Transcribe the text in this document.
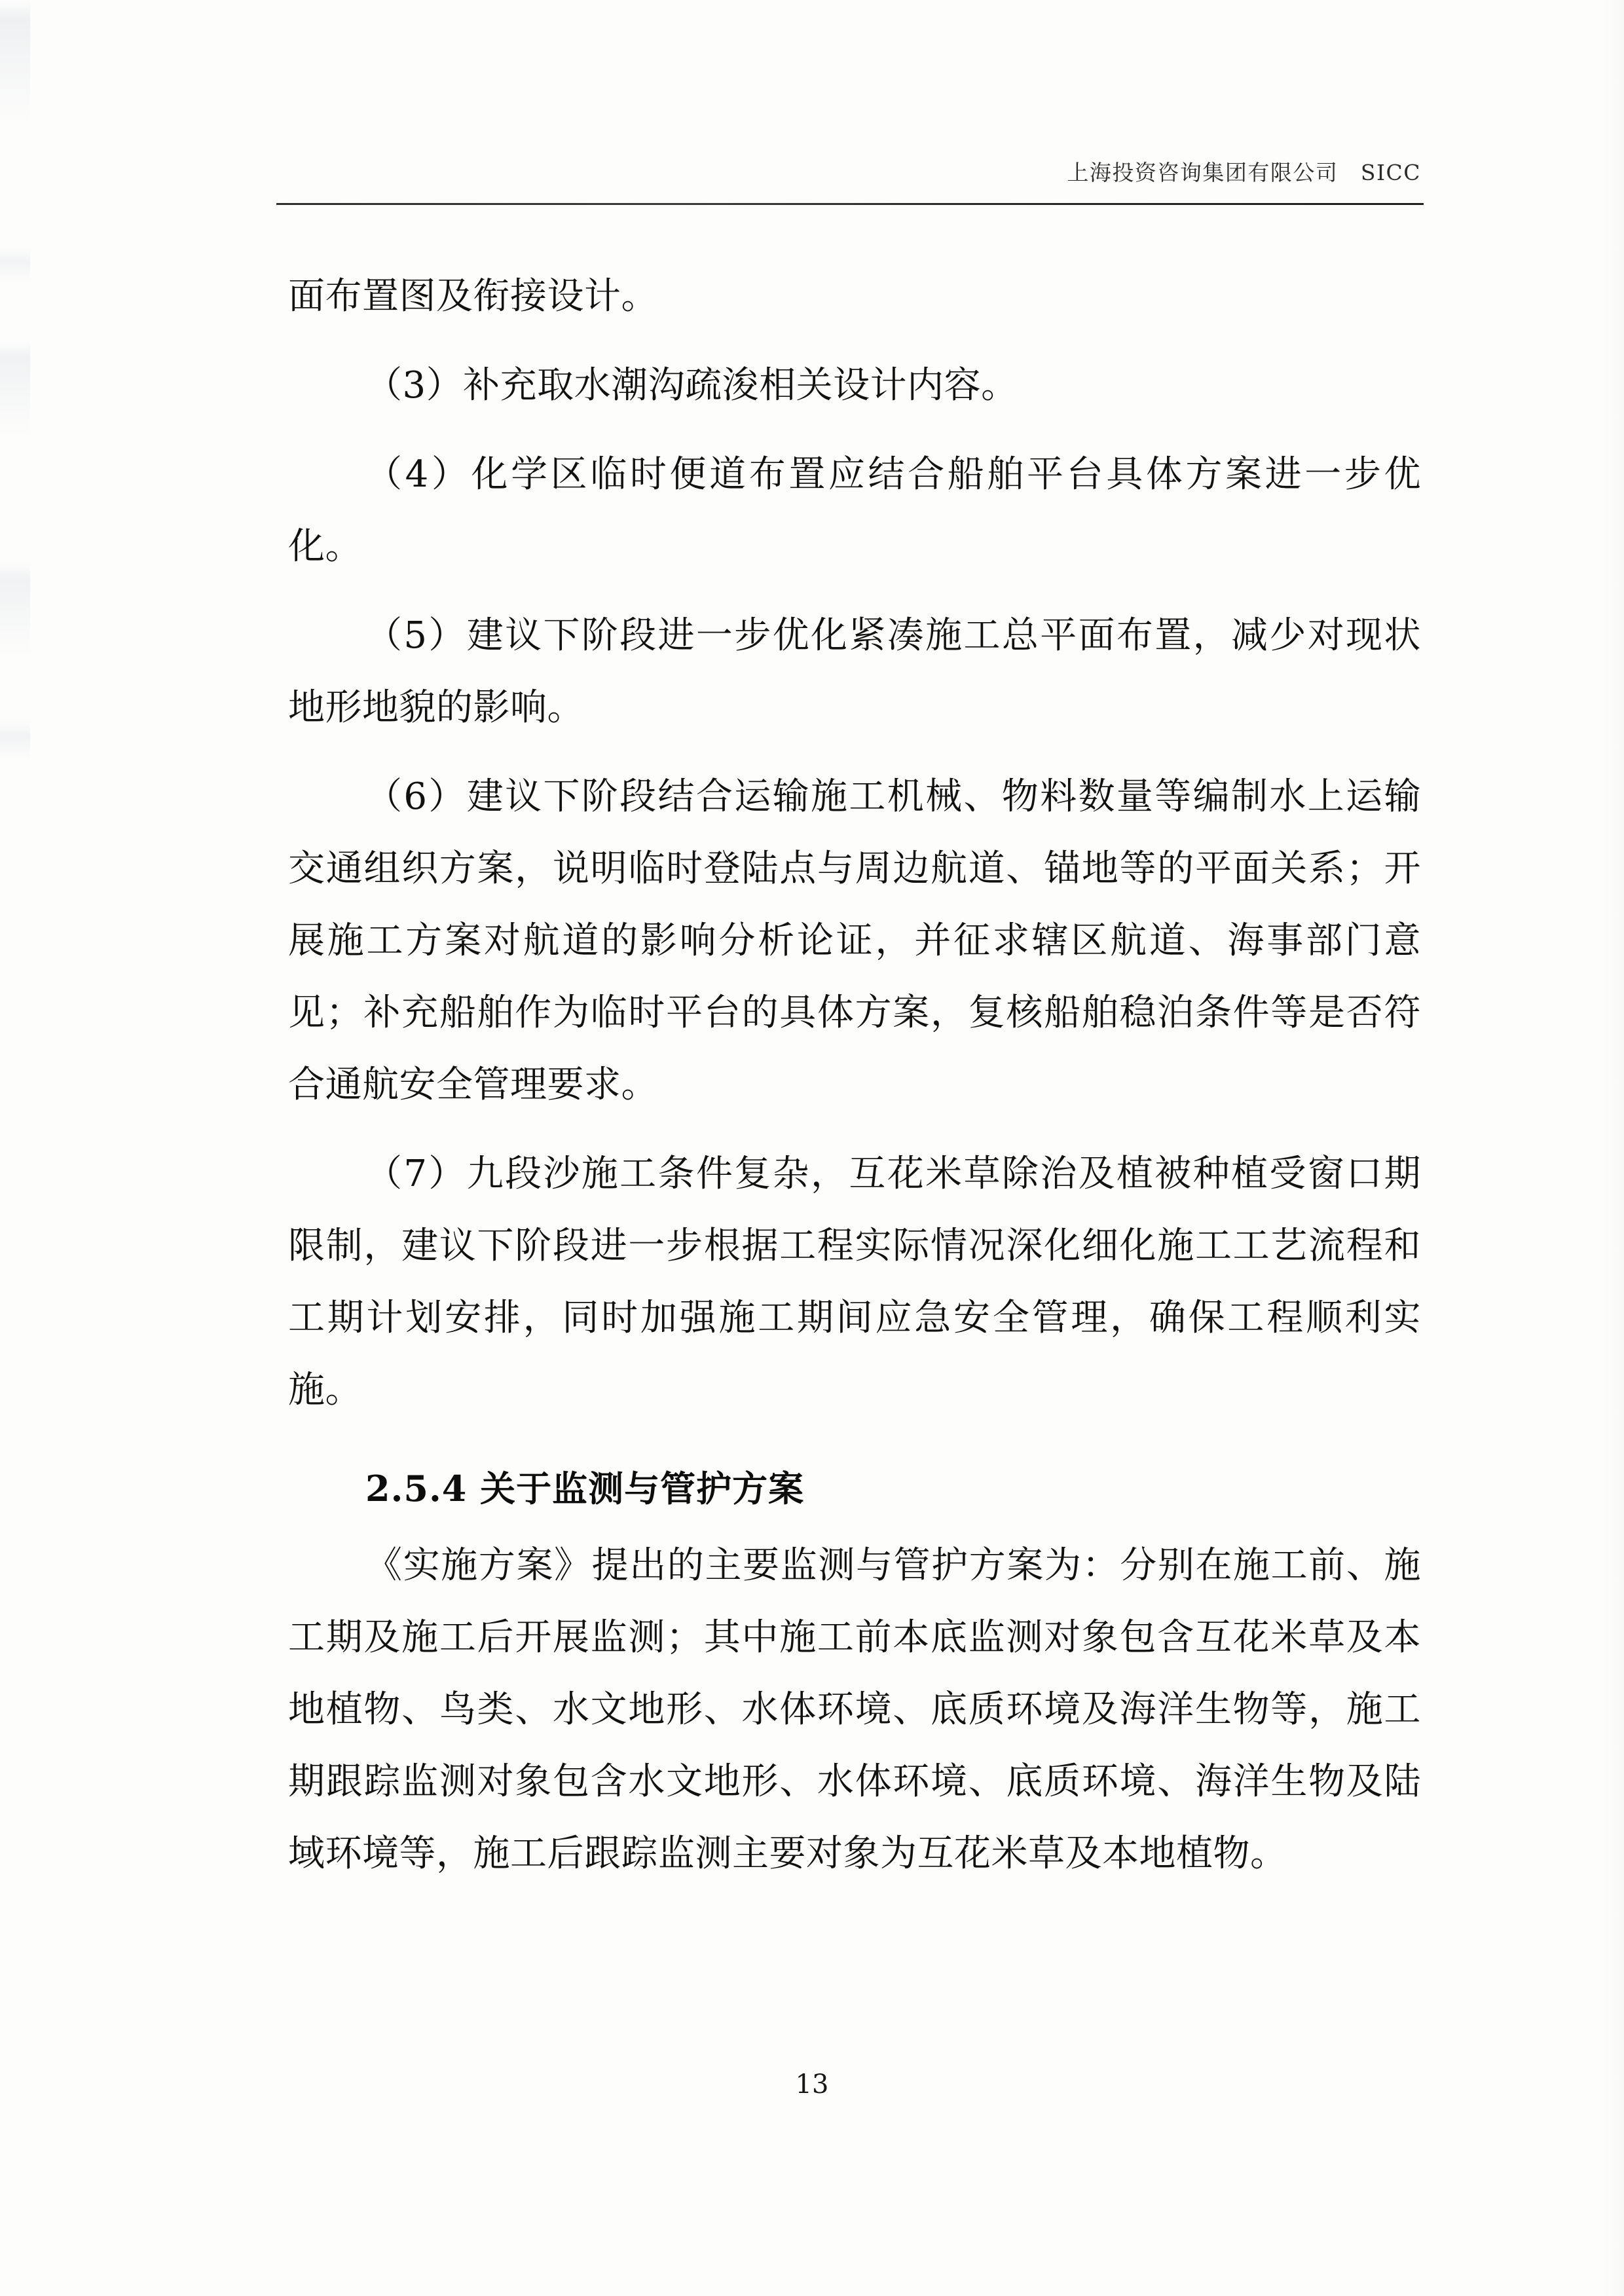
上海投资咨询集团有限公司　SICC

面布置图及衔接设计。

（3）补充取水潮沟疏浚相关设计内容。

（4）化学区临时便道布置应结合船舶平台具体方案进一步优化。

（5）建议下阶段进一步优化紧凑施工总平面布置，减少对现状地形地貌的影响。

（6）建议下阶段结合运输施工机械、物料数量等编制水上运输交通组织方案，说明临时登陆点与周边航道、锚地等的平面关系；开展施工方案对航道的影响分析论证，并征求辖区航道、海事部门意见；补充船舶作为临时平台的具体方案，复核船舶稳泊条件等是否符合通航安全管理要求。

（7）九段沙施工条件复杂，互花米草除治及植被种植受窗口期限制，建议下阶段进一步根据工程实际情况深化细化施工工艺流程和工期计划安排，同时加强施工期间应急安全管理，确保工程顺利实施。

2.5.4 关于监测与管护方案

《实施方案》提出的主要监测与管护方案为：分别在施工前、施工期及施工后开展监测；其中施工前本底监测对象包含互花米草及本地植物、鸟类、水文地形、水体环境、底质环境及海洋生物等，施工期跟踪监测对象包含水文地形、水体环境、底质环境、海洋生物及陆域环境等，施工后跟踪监测主要对象为互花米草及本地植物。

13
